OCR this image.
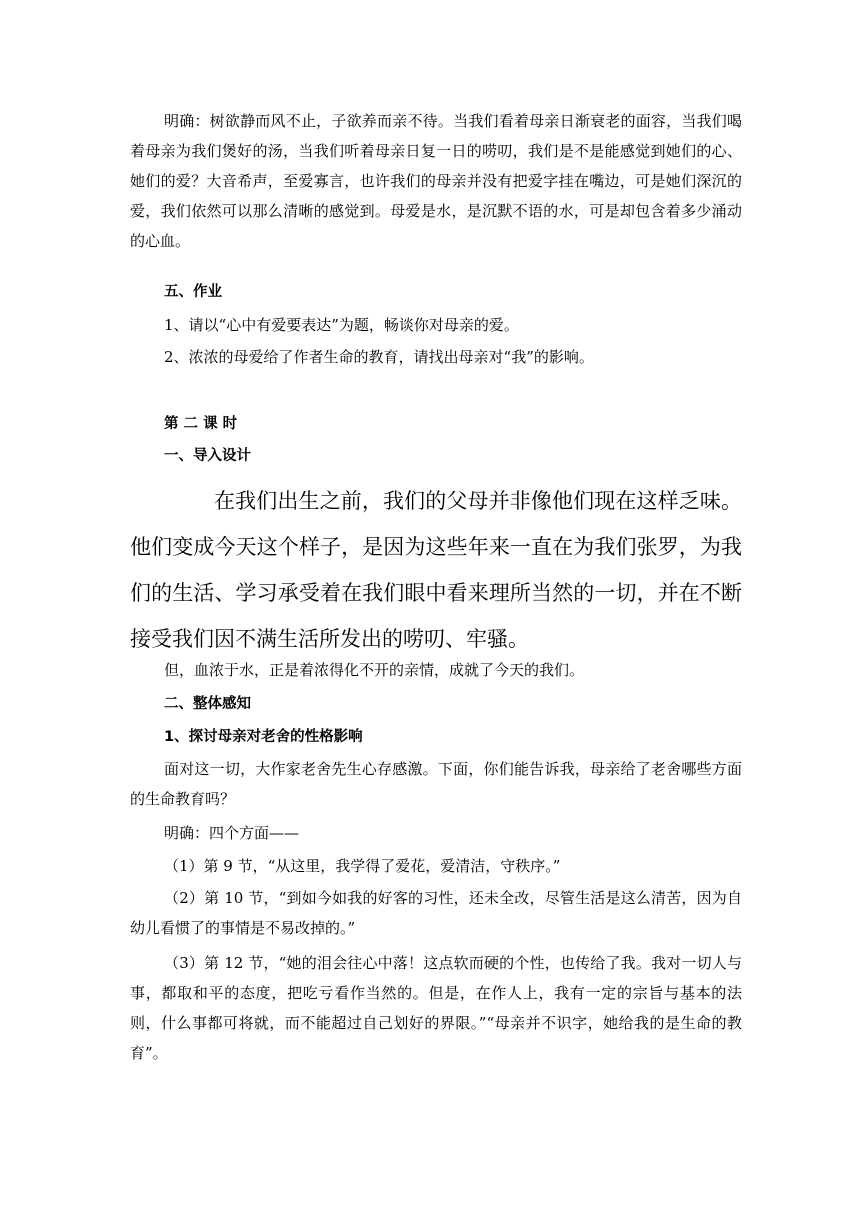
明确：树欲静而风不止，子欲养而亲不待。当我们看着母亲日渐衰老的面容，当我们喝着母亲为我们煲好的汤，当我们听着母亲日复一日的唠叨，我们是不是能感觉到她们的心、她们的爱？大音希声，至爱寡言，也许我们的母亲并没有把爱字挂在嘴边，可是她们深沉的爱，我们依然可以那么清晰的感觉到。母爱是水，是沉默不语的水，可是却包含着多少涌动的心血。

五、作业

1、请以“心中有爱要表达”为题，畅谈你对母亲的爱。

2、浓浓的母爱给了作者生命的教育，请找出母亲对“我”的影响。

第 二 课 时

一、导入设计

在我们出生之前，我们的父母并非像他们现在这样乏味。他们变成今天这个样子，是因为这些年来一直在为我们张罗，为我们的生活、学习承受着在我们眼中看来理所当然的一切，并在不断接受我们因不满生活所发出的唠叨、牢骚。

但，血浓于水，正是着浓得化不开的亲情，成就了今天的我们。

二、整体感知

1、探讨母亲对老舍的性格影响

面对这一切，大作家老舍先生心存感激。下面，你们能告诉我，母亲给了老舍哪些方面的生命教育吗？

明确：四个方面——

（1）第 9 节，“从这里，我学得了爱花，爱清洁，守秩序。”

（2）第 10 节，“到如今如我的好客的习性，还未全改，尽管生活是这么清苦，因为自幼儿看惯了的事情是不易改掉的。”

（3）第 12 节，“她的泪会往心中落！这点软而硬的个性，也传给了我。我对一切人与事，都取和平的态度，把吃亏看作当然的。但是，在作人上，我有一定的宗旨与基本的法则，什么事都可将就，而不能超过自己划好的界限。”“母亲并不识字，她给我的是生命的教育”。
